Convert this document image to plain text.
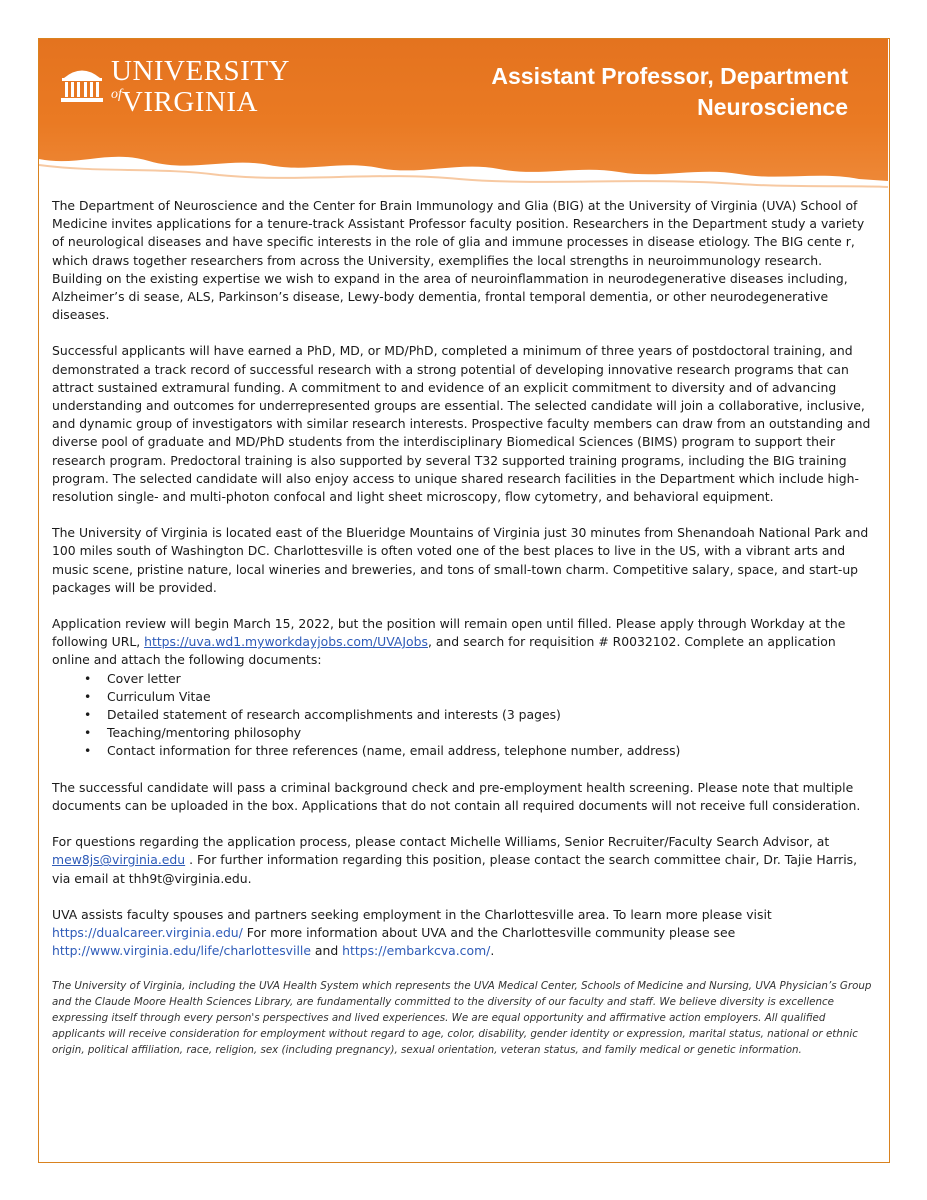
UNIVERSITY
ofVIRGINIA
Assistant Professor, Department
Neuroscience

The Department of Neuroscience and the Center for Brain Immunology and Glia (BIG) at the University of Virginia (UVA) School of Medicine invites applications for a tenure-track Assistant Professor faculty position. Researchers in the Department study a variety of neurological diseases and have specific interests in the role of glia and immune processes in disease etiology. The BIG cente r, which draws together researchers from across the University, exemplifies the local strengths in neuroimmunology research. Building on the existing expertise we wish to expand in the area of neuroinflammation in neurodegenerative diseases including, Alzheimer’s di sease, ALS, Parkinson’s disease, Lewy-body dementia, frontal temporal dementia, or other neurodegenerative diseases.

Successful applicants will have earned a PhD, MD, or MD/PhD, completed a minimum of three years of postdoctoral training, and demonstrated a track record of successful research with a strong potential of developing innovative research programs that can attract sustained extramural funding. A commitment to and evidence of an explicit commitment to diversity and of advancing understanding and outcomes for underrepresented groups are essential. The selected candidate will join a collaborative, inclusive, and dynamic group of investigators with similar research interests. Prospective faculty members can draw from an outstanding and diverse pool of graduate and MD/PhD students from the interdisciplinary Biomedical Sciences (BIMS) program to support their research program. Predoctoral training is also supported by several T32 supported training programs, including the BIG training program. The selected candidate will also enjoy access to unique shared research facilities in the Department which include high-resolution single- and multi-photon confocal and light sheet microscopy, flow cytometry, and behavioral equipment.

The University of Virginia is located east of the Blueridge Mountains of Virginia just 30 minutes from Shenandoah National Park and 100 miles south of Washington DC. Charlottesville is often voted one of the best places to live in the US, with a vibrant arts and music scene, pristine nature, local wineries and breweries, and tons of small-town charm. Competitive salary, space, and start-up packages will be provided.

Application review will begin March 15, 2022, but the position will remain open until filled. Please apply through Workday at the following URL, https://uva.wd1.myworkdayjobs.com/UVAJobs, and search for requisition # R0032102. Complete an application online and attach the following documents:
• Cover letter
• Curriculum Vitae
• Detailed statement of research accomplishments and interests (3 pages)
• Teaching/mentoring philosophy
• Contact information for three references (name, email address, telephone number, address)

The successful candidate will pass a criminal background check and pre-employment health screening. Please note that multiple documents can be uploaded in the box. Applications that do not contain all required documents will not receive full consideration.

For questions regarding the application process, please contact Michelle Williams, Senior Recruiter/Faculty Search Advisor, at mew8js@virginia.edu . For further information regarding this position, please contact the search committee chair, Dr. Tajie Harris, via email at thh9t@virginia.edu.

UVA assists faculty spouses and partners seeking employment in the Charlottesville area. To learn more please visit https://dualcareer.virginia.edu/ For more information about UVA and the Charlottesville community please see http://www.virginia.edu/life/charlottesville and https://embarkcva.com/.

The University of Virginia, including the UVA Health System which represents the UVA Medical Center, Schools of Medicine and Nursing, UVA Physician’s Group and the Claude Moore Health Sciences Library, are fundamentally committed to the diversity of our faculty and staff. We believe diversity is excellence expressing itself through every person's perspectives and lived experiences. We are equal opportunity and affirmative action employers. All qualified applicants will receive consideration for employment without regard to age, color, disability, gender identity or expression, marital status, national or ethnic origin, political affiliation, race, religion, sex (including pregnancy), sexual orientation, veteran status, and family medical or genetic information.
